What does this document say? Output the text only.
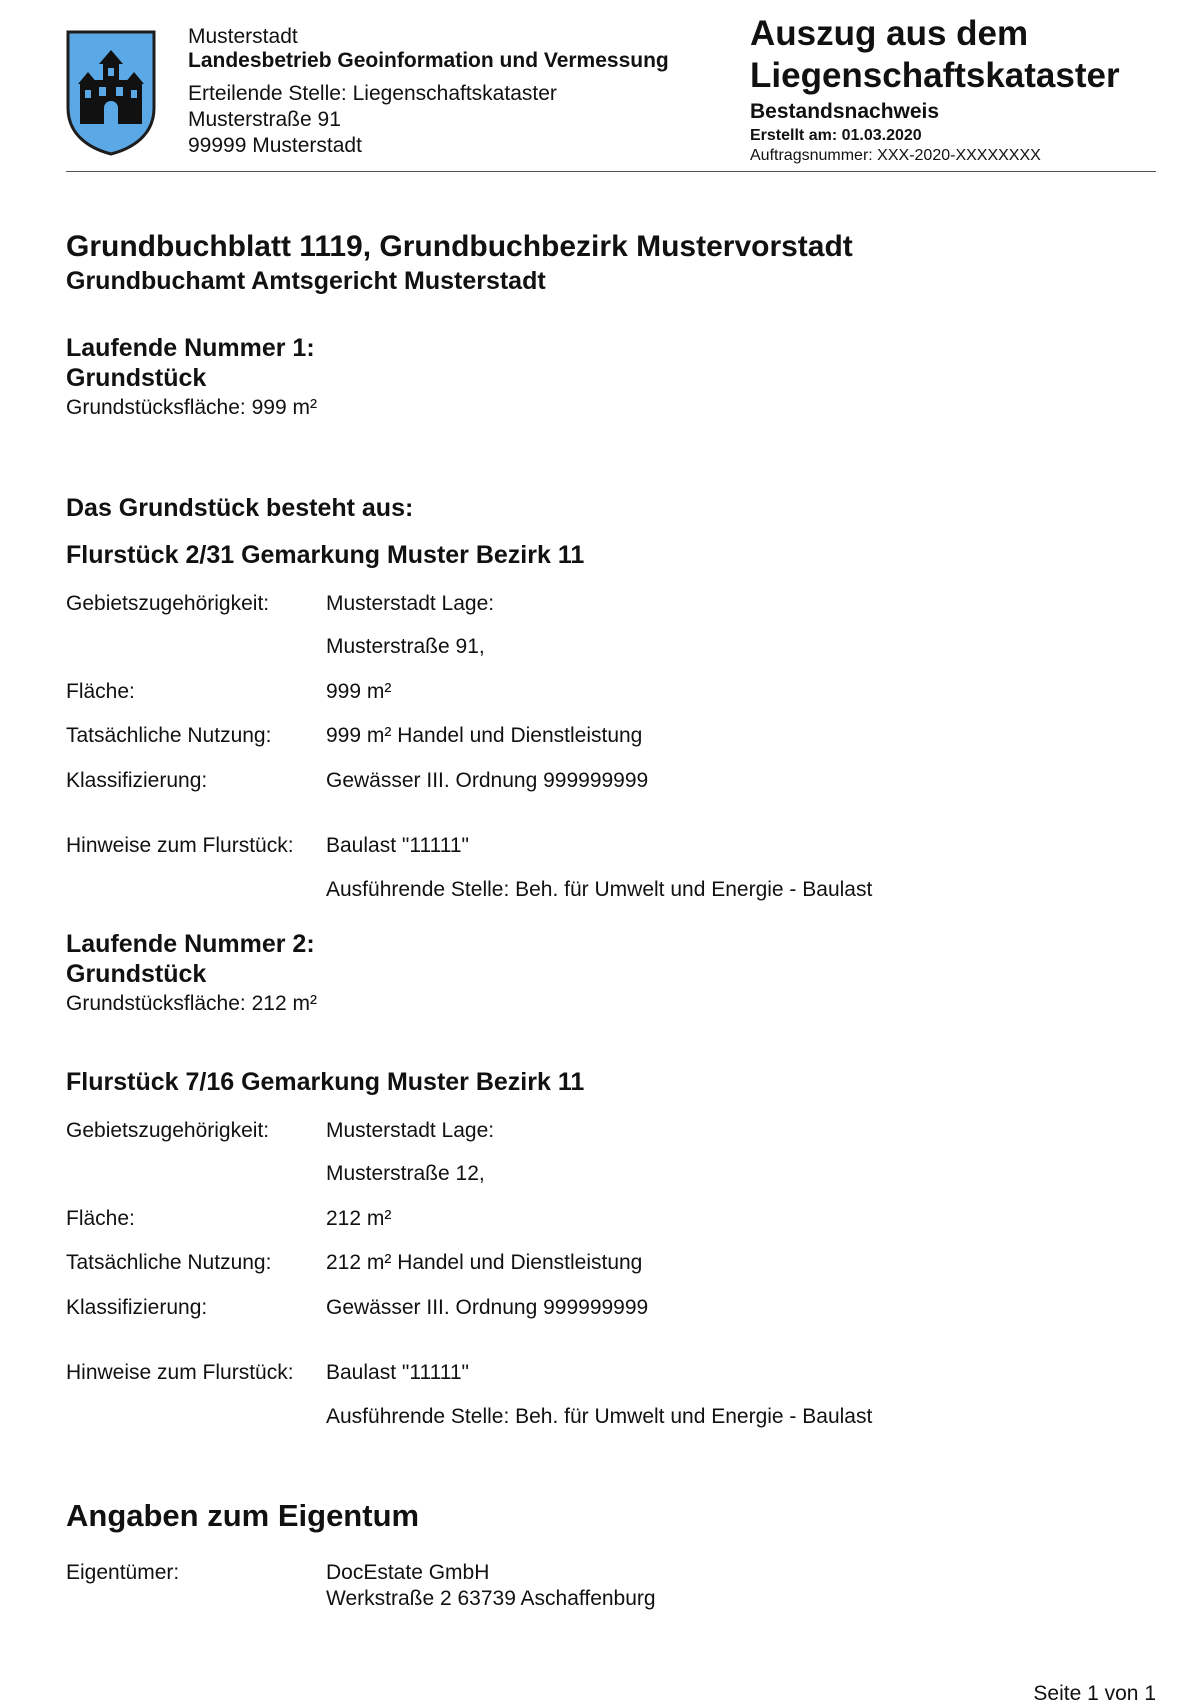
Musterstadt
Landesbetrieb Geoinformation und Vermessung
Erteilende Stelle: Liegenschaftskataster
Musterstraße 91
99999 Musterstadt
Auszug aus dem
Liegenschaftskataster
Bestandsnachweis
Erstellt am: 01.03.2020
Auftragsnummer: XXX-2020-XXXXXXXX
Grundbuchblatt 1119, Grundbuchbezirk Mustervorstadt
Grundbuchamt Amtsgericht Musterstadt
Laufende Nummer 1:
Grundstück
Grundstücksfläche: 999 m²
Das Grundstück besteht aus:
Flurstück 2/31 Gemarkung Muster Bezirk 11
Gebietszugehörigkeit:	Musterstadt Lage:
Musterstraße 91,
Fläche:	999 m²
Tatsächliche Nutzung:	999 m² Handel und Dienstleistung
Klassifizierung:	Gewässer III. Ordnung 999999999
Hinweise zum Flurstück: Baulast "11111"
Ausführende Stelle: Beh. für Umwelt und Energie - Baulast
Laufende Nummer 2:
Grundstück
Grundstücksfläche: 212 m²
Flurstück 7/16 Gemarkung Muster Bezirk 11
Gebietszugehörigkeit:	Musterstadt Lage:
Musterstraße 12,
Fläche:	212 m²
Tatsächliche Nutzung:	212 m² Handel und Dienstleistung
Klassifizierung:	Gewässer III. Ordnung 999999999
Hinweise zum Flurstück: Baulast "11111"
Ausführende Stelle: Beh. für Umwelt und Energie - Baulast
Angaben zum Eigentum
Eigentümer:	DocEstate GmbH
Werkstraße 2 63739 Aschaffenburg
Seite 1 von 1
